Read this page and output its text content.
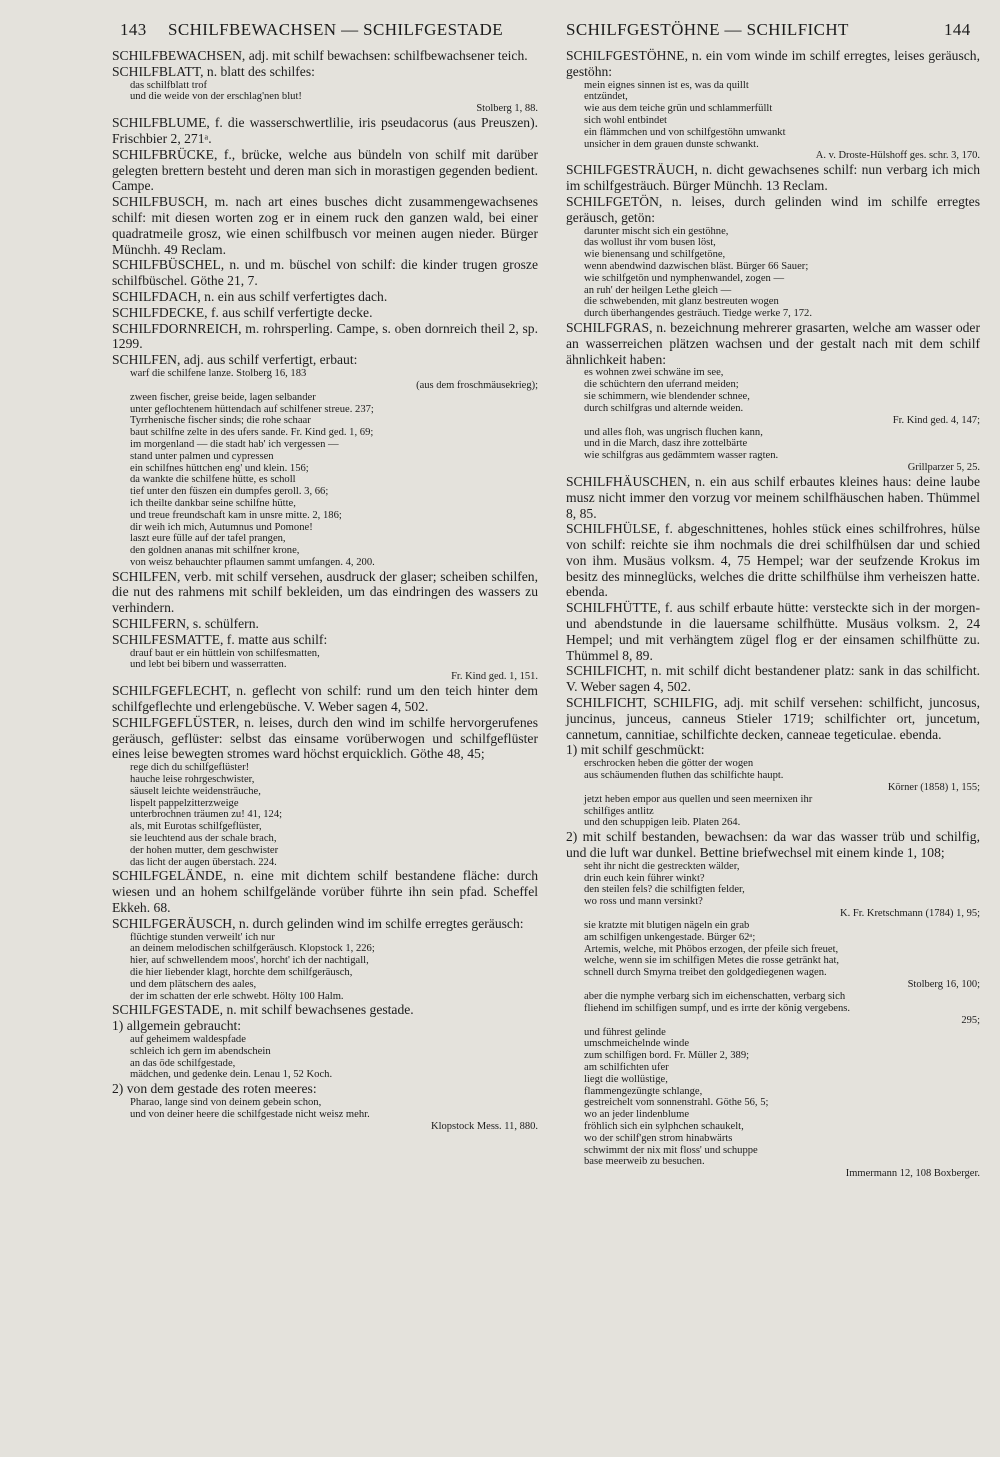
143 SCHILFBEWACHSEN — SCHILFGESTADE	SCHILFGESTÖHNE — SCHILFICHT	144
SCHILFBEWACHSEN, adj. mit schilf bewachsen: schilfbewachsener teich.
SCHILFBLATT, n. blatt des schilfes:
das schilfblatt trof
und die weide von der erschlag'nen blut!
Stolberg 1, 88.
SCHILFBLUME, f. die wasserschwertlilie, iris pseudacorus (aus Preuszen). Frischbier 2, 271ᵃ.
SCHILFBRÜCKE, f., brücke, welche aus bündeln von schilf mit darüber gelegten brettern besteht und deren man sich in morastigen gegenden bedient. Campe.
SCHILFBUSCH, m. nach art eines busches dicht zusammengewachsenes schilf: mit diesen worten zog er in einem ruck den ganzen wald, bei einer quadratmeile grosz, wie einen schilfbusch vor meinen augen nieder. Bürger Münchh. 49 Reclam.
SCHILFBÜSCHEL, n. und m. büschel von schilf: die kinder trugen grosze schilfbüschel. Göthe 21, 7.
SCHILFDACH, n. ein aus schilf verfertigtes dach.
SCHILFDECKE, f. aus schilf verfertigte decke.
SCHILFDORNREICH, m. rohrsperling. Campe, s. oben dornreich theil 2, sp. 1299.
SCHILFEN, adj. aus schilf verfertigt, erbaut:
warf die schilfene lanze. Stolberg 16, 183
(aus dem froschmäusekrieg);
zween fischer, greise beide, lagen selbander
unter geflochtenem hüttendach auf schilfener streue. 237;
Tyrrhenische fischer sinds; die rohe schaar
baut schilfne zelte in des ufers sande. Fr. Kind ged. 1, 69;
im morgenland — die stadt hab' ich vergessen —
stand unter palmen und cypressen
ein schilfnes hüttchen eng' und klein. 156;
da wankte die schilfene hütte, es scholl
tief unter den füszen ein dumpfes geroll. 3, 66;
ich theilte dankbar seine schilfne hütte,
und treue freundschaft kam in unsre mitte. 2, 186;
dir weih ich mich, Autumnus und Pomone!
laszt eure fülle auf der tafel prangen,
den goldnen ananas mit schilfner krone,
von weisz behauchter pflaumen sammt umfangen. 4, 200.
SCHILFEN, verb. mit schilf versehen, ausdruck der glaser; scheiben schilfen, die nut des rahmens mit schilf bekleiden, um das eindringen des wassers zu verhindern.
SCHILFERN, s. schülfern.
SCHILFESMATTE, f. matte aus schilf:
drauf baut er ein hüttlein von schilfesmatten,
und lebt bei bibern und wasserratten.
Fr. Kind ged. 1, 151.
SCHILFGEFLECHT, n. geflecht von schilf: rund um den teich hinter dem schilfgeflechte und erlengebüsche. V. Weber sagen 4, 502.
SCHILFGEFLÜSTER, n. leises, durch den wind im schilfe hervorgerufenes geräusch, geflüster: selbst das einsame vorüberwogen und schilfgeflüster eines leise bewegten stromes ward höchst erquicklich. Göthe 48, 45;
rege dich du schilfgeflüster!
hauche leise rohrgeschwister,
säuselt leichte weidensträuche,
lispelt pappelzitterzweige
unterbrochnen träumen zu! 41, 124;
als, mit Eurotas schilfgeflüster,
sie leuchtend aus der schale brach,
der hohen mutter, dem geschwister
das licht der augen überstach. 224.
SCHILFGELÄNDE, n. eine mit dichtem schilf bestandene fläche: durch wiesen und an hohem schilfgelände vorüber führte ihn sein pfad. Scheffel Ekkeh. 68.
SCHILFGERÄUSCH, n. durch gelinden wind im schilfe erregtes geräusch:
flüchtige stunden verweilt' ich nur
an deinem melodischen schilfgeräusch. Klopstock 1, 226;
hier, auf schwellendem moos', horcht' ich der nachtigall,
die hier liebender klagt, horchte dem schilfgeräusch,
und dem plätschern des aales,
der im schatten der erle schwebt. Hölty 100 Halm.
SCHILFGESTADE, n. mit schilf bewachsenes gestade.
1) allgemein gebraucht:
auf geheimem waldespfade
schleich ich gern im abendschein
an das öde schilfgestade,
mädchen, und gedenke dein. Lenau 1, 52 Koch.
2) von dem gestade des roten meeres:
Pharao, lange sind von deinem gebein schon,
und von deiner heere die schilfgestade nicht weisz mehr.
Klopstock Mess. 11, 880.
SCHILFGESTÖHNE, n. ein vom winde im schilf erregtes, leises geräusch, gestöhn:
mein eignes sinnen ist es, was da quillt
entzündet,
wie aus dem teiche grün und schlammerfüllt
sich wohl entbindet
ein flämmchen und von schilfgestöhn umwankt
unsicher in dem grauen dunste schwankt.
A. v. Droste-Hülshoff ges. schr. 3, 170.
SCHILFGESTRÄUCH, n. dicht gewachsenes schilf: nun verbarg ich mich im schilfgesträuch. Bürger Münchh. 13 Reclam.
SCHILFGETÖN, n. leises, durch gelinden wind im schilfe erregtes geräusch, getön:
darunter mischt sich ein gestöhne,
das wollust ihr vom busen löst,
wie bienensang und schilfgetöne,
wenn abendwind dazwischen bläst. Bürger 66 Sauer;
wie schilfgetön und nymphenwandel, zogen —
an ruh' der heilgen Lethe gleich —
die schwebenden, mit glanz bestreuten wogen
durch überhangendes gesträuch. Tiedge werke 7, 172.
SCHILFGRAS, n. bezeichnung mehrerer grasarten, welche am wasser oder an wasserreichen plätzen wachsen und der gestalt nach mit dem schilf ähnlichkeit haben:
es wohnen zwei schwäne im see,
die schüchtern den uferrand meiden;
sie schimmern, wie blendender schnee,
durch schilfgras und alternde weiden.
Fr. Kind ged. 4, 147;
und alles floh, was ungrisch fluchen kann,
und in die March, dasz ihre zottelbärte
wie schilfgras aus gedämmtem wasser ragten.
Grillparzer 5, 25.
SCHILFHÄUSCHEN, n. ein aus schilf erbautes kleines haus: deine laube musz nicht immer den vorzug vor meinem schilfhäuschen haben. Thümmel 8, 85.
SCHILFHÜLSE, f. abgeschnittenes, hohles stück eines schilfrohres, hülse von schilf: reichte sie ihm nochmals die drei schilfhülsen dar und schied von ihm. Musäus volksm. 4, 75 Hempel; war der seufzende Krokus im besitz des minneglücks, welches die dritte schilfhülse ihm verheiszen hatte. ebenda.
SCHILFHÜTTE, f. aus schilf erbaute hütte: versteckte sich in der morgen- und abendstunde in die lauersame schilfhütte. Musäus volksm. 2, 24 Hempel; und mit verhängtem zügel flog er der einsamen schilfhütte zu. Thümmel 8, 89.
SCHILFICHT, n. mit schilf dicht bestandener platz: sank in das schilficht. V. Weber sagen 4, 502.
SCHILFICHT, SCHILFIG, adj. mit schilf versehen: schilficht, juncosus, juncinus, junceus, canneus Stieler 1719; schilfichter ort, juncetum, cannetum, cannitiae, schilfichte decken, canneae tegeticulae. ebenda.
1) mit schilf geschmückt:
erschrocken heben die götter der wogen
aus schäumenden fluthen das schilfichte haupt.
Körner (1858) 1, 155;
jetzt heben empor aus quellen und seen meernixen ihr
schilfiges antlitz
und den schuppigen leib. Platen 264.
2) mit schilf bestanden, bewachsen: da war das wasser trüb und schilfig, und die luft war dunkel. Bettine briefwechsel mit einem kinde 1, 108;
seht ihr nicht die gestreckten wälder,
drin euch kein führer winkt?
den steilen fels? die schilfigten felder,
wo ross und mann versinkt?
K. Fr. Kretschmann (1784) 1, 95;
sie kratzte mit blutigen nägeln ein grab
am schilfigen unkengestade. Bürger 62ᵃ;
Artemis, welche, mit Phöbos erzogen, der pfeile sich freuet,
welche, wenn sie im schilfigen Metes die rosse getränkt hat,
schnell durch Smyrna treibet den goldgediegenen wagen.
Stolberg 16, 100;
aber die nymphe verbarg sich im eichenschatten, verbarg sich
fliehend im schilfigen sumpf, und es irrte der könig vergebens.
295;
und führest gelinde
umschmeichelnde winde
zum schilfigen bord. Fr. Müller 2, 389;
am schilfichten ufer
liegt die wollüstige,
flammengezüngte schlange,
gestreichelt vom sonnenstrahl. Göthe 56, 5;
wo an jeder lindenblume
fröhlich sich ein sylphchen schaukelt,
wo der schilf'gen strom hinabwärts
schwimmt der nix mit floss' und schuppe
base meerweib zu besuchen.
Immermann 12, 108 Boxberger.
